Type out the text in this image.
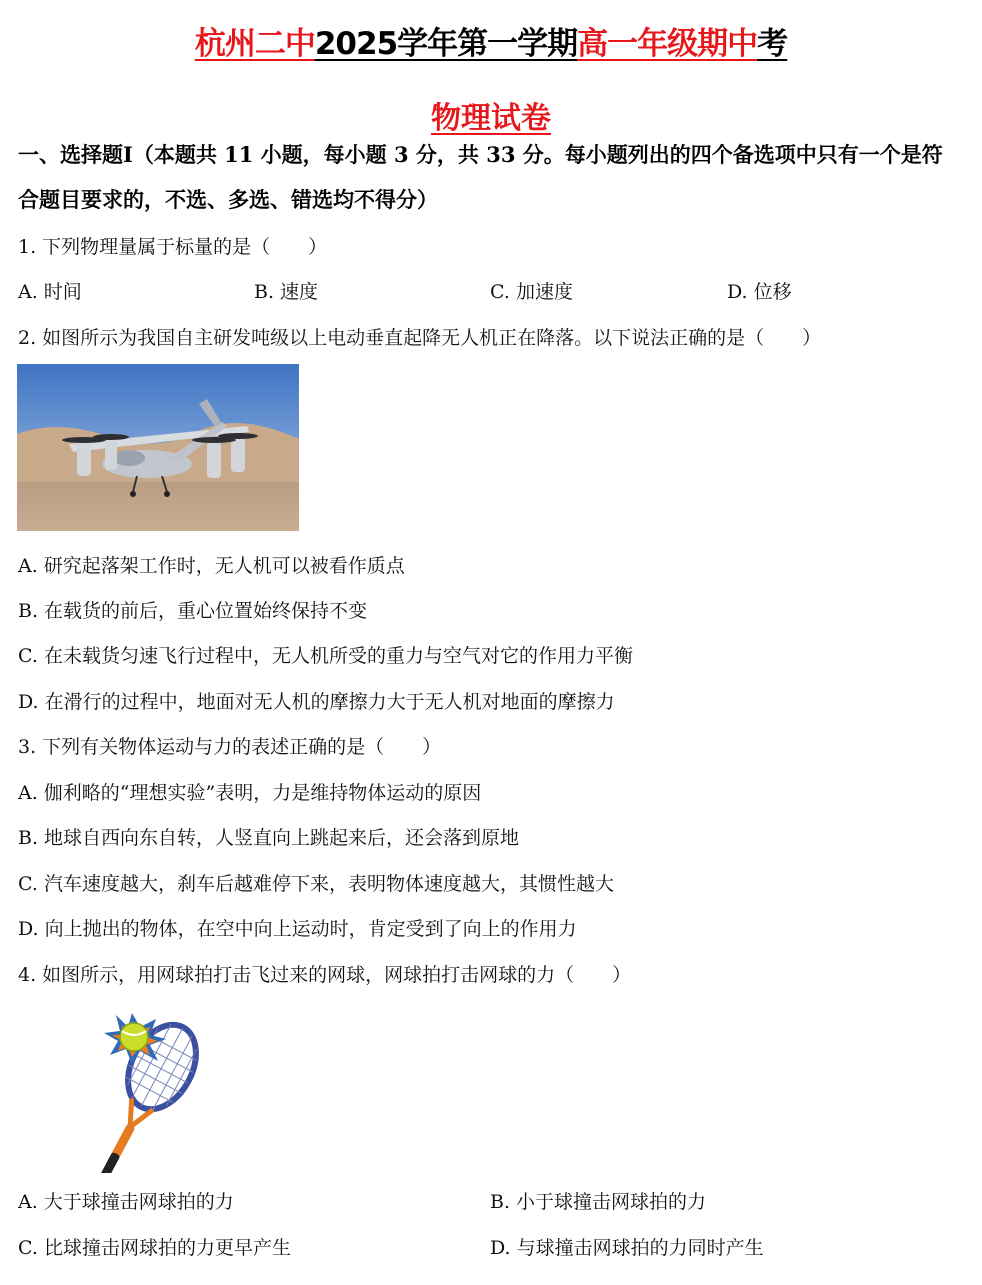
杭州二中2025学年第一学期高一年级期中考
物理试卷
一、选择题Ⅰ（本题共 11 小题，每小题 3 分，共 33 分。每小题列出的四个备选项中只有一个是符合题目要求的，不选、多选、错选均不得分）
1. 下列物理量属于标量的是（　　）
A. 时间	B. 速度	C. 加速度	D. 位移
2. 如图所示为我国自主研发吨级以上电动垂直起降无人机正在降落。以下说法正确的是（　　）
A. 研究起落架工作时，无人机可以被看作质点
B. 在载货的前后，重心位置始终保持不变
C. 在未载货匀速飞行过程中，无人机所受的重力与空气对它的作用力平衡
D. 在滑行的过程中，地面对无人机的摩擦力大于无人机对地面的摩擦力
3. 下列有关物体运动与力的表述正确的是（　　）
A. 伽利略的“理想实验”表明，力是维持物体运动的原因
B. 地球自西向东自转，人竖直向上跳起来后，还会落到原地
C. 汽车速度越大，刹车后越难停下来，表明物体速度越大，其惯性越大
D. 向上抛出的物体，在空中向上运动时，肯定受到了向上的作用力
4. 如图所示，用网球拍打击飞过来的网球，网球拍打击网球的力（　　）
A. 大于球撞击网球拍的力	B. 小于球撞击网球拍的力
C. 比球撞击网球拍的力更早产生	D. 与球撞击网球拍的力同时产生
